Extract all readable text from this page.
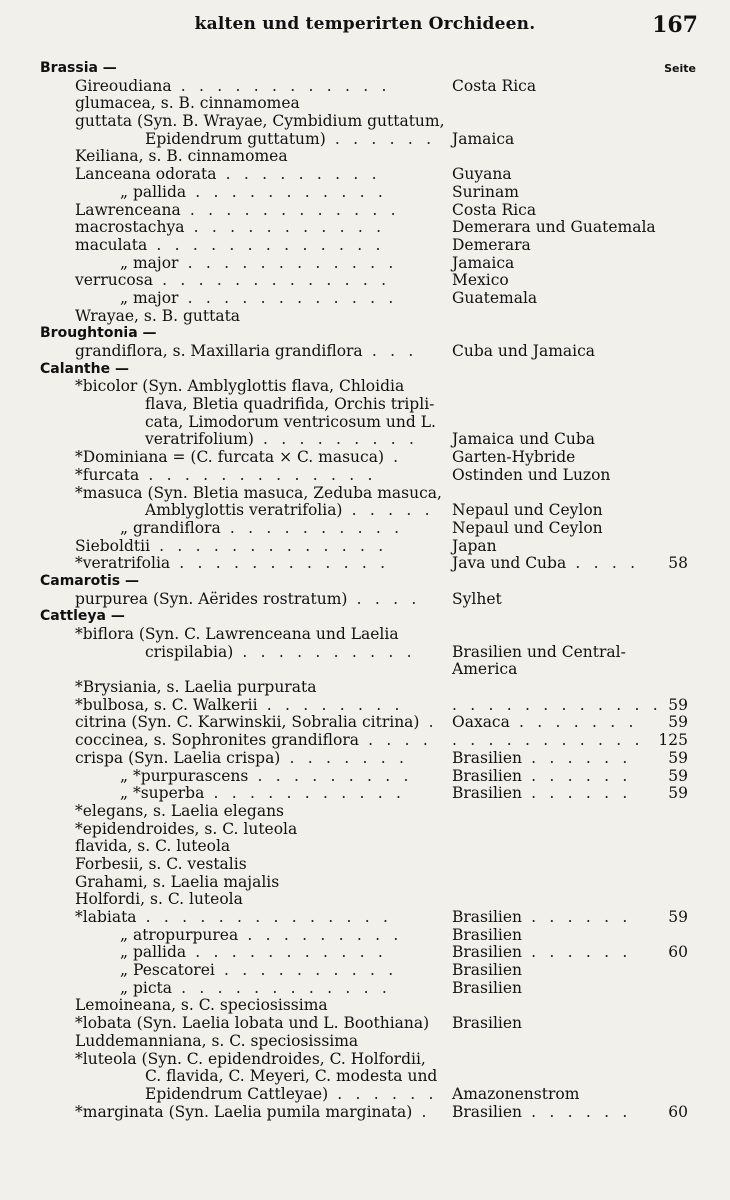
kalten und temperirten Orchideen.	167
Seite
Brassia —
Gireoudiana . . . . . . . . . . . .	Costa Rica
glumacea, s. B. cinnamomea
guttata (Syn. B. Wrayae, Cymbidium guttatum,
Epidendrum guttatum) . . . . . .	Jamaica
Keiliana, s. B. cinnamomea
Lanceana odorata . . . . . . . . .	Guyana
„ pallida . . . . . . . . . . .	Surinam
Lawrenceana . . . . . . . . . . . .	Costa Rica
macrostachya . . . . . . . . . . .	Demerara und Guatemala
maculata . . . . . . . . . . . . .	Demerara
„ major . . . . . . . . . . . .	Jamaica
verrucosa . . . . . . . . . . . . .	Mexico
„ major . . . . . . . . . . . .	Guatemala
Wrayae, s. B. guttata
Broughtonia —
grandiflora, s. Maxillaria grandiflora . . .	Cuba und Jamaica
Calanthe —
*bicolor (Syn. Amblyglottis flava, Chloidia
flava, Bletia quadrifida, Orchis tripli-
cata, Limodorum ventricosum und L.
veratrifolium) . . . . . . . . .	Jamaica und Cuba
*Dominiana = (C. furcata × C. masuca) .	Garten-Hybride
*furcata . . . . . . . . . . . . .	Ostinden und Luzon
*masuca (Syn. Bletia masuca, Zeduba masuca,
Amblyglottis veratrifolia) . . . . .	Nepaul und Ceylon
„ grandiflora . . . . . . . . . .	Nepaul und Ceylon
Sieboldtii . . . . . . . . . . . . .	Japan
*veratrifolia . . . . . . . . . . . .	Java und Cuba . . . .	58
Camarotis —
purpurea (Syn. Aërides rostratum) . . . .	Sylhet
Cattleya —
*biflora (Syn. C. Lawrenceana und Laelia
crispilabia) . . . . . . . . . .	Brasilien und Central-
America
*Brysiania, s. Laelia purpurata
*bulbosa, s. C. Walkerii . . . . . . . .	. . . . . . . . . . . . 59
citrina (Syn. C. Karwinskii, Sobralia citrina) . Oaxaca . . . . . . .	59
coccinea, s. Sophronites grandiflora . . . . . . . . . . . . . . . 125
crispa (Syn. Laelia crispa) . . . . . . .	Brasilien . . . . . .	59
„ *purpurascens . . . . . . . . .	Brasilien . . . . . .	59
„ *superba . . . . . . . . . . .	Brasilien . . . . . .	59
*elegans, s. Laelia elegans
*epidendroides, s. C. luteola
flavida, s. C. luteola
Forbesii, s. C. vestalis
Grahami, s. Laelia majalis
Holfordi, s. C. luteola
*labiata . . . . . . . . . . . . . .	Brasilien . . . . . .	59
„ atropurpurea . . . . . . . . .	Brasilien
„ pallida . . . . . . . . . . .	Brasilien . . . . . .	60
„ Pescatorei . . . . . . . . . .	Brasilien
„ picta . . . . . . . . . . . .	Brasilien
Lemoineana, s. C. speciosissima
*lobata (Syn. Laelia lobata und L. Boothiana)	Brasilien
Luddemanniana, s. C. speciosissima
*luteola (Syn. C. epidendroides, C. Holfordii,
C. flavida, C. Meyeri, C. modesta und
Epidendrum Cattleyae) . . . . . . Amazonenstrom
*marginata (Syn. Laelia pumila marginata) . Brasilien . . . . . .	60
